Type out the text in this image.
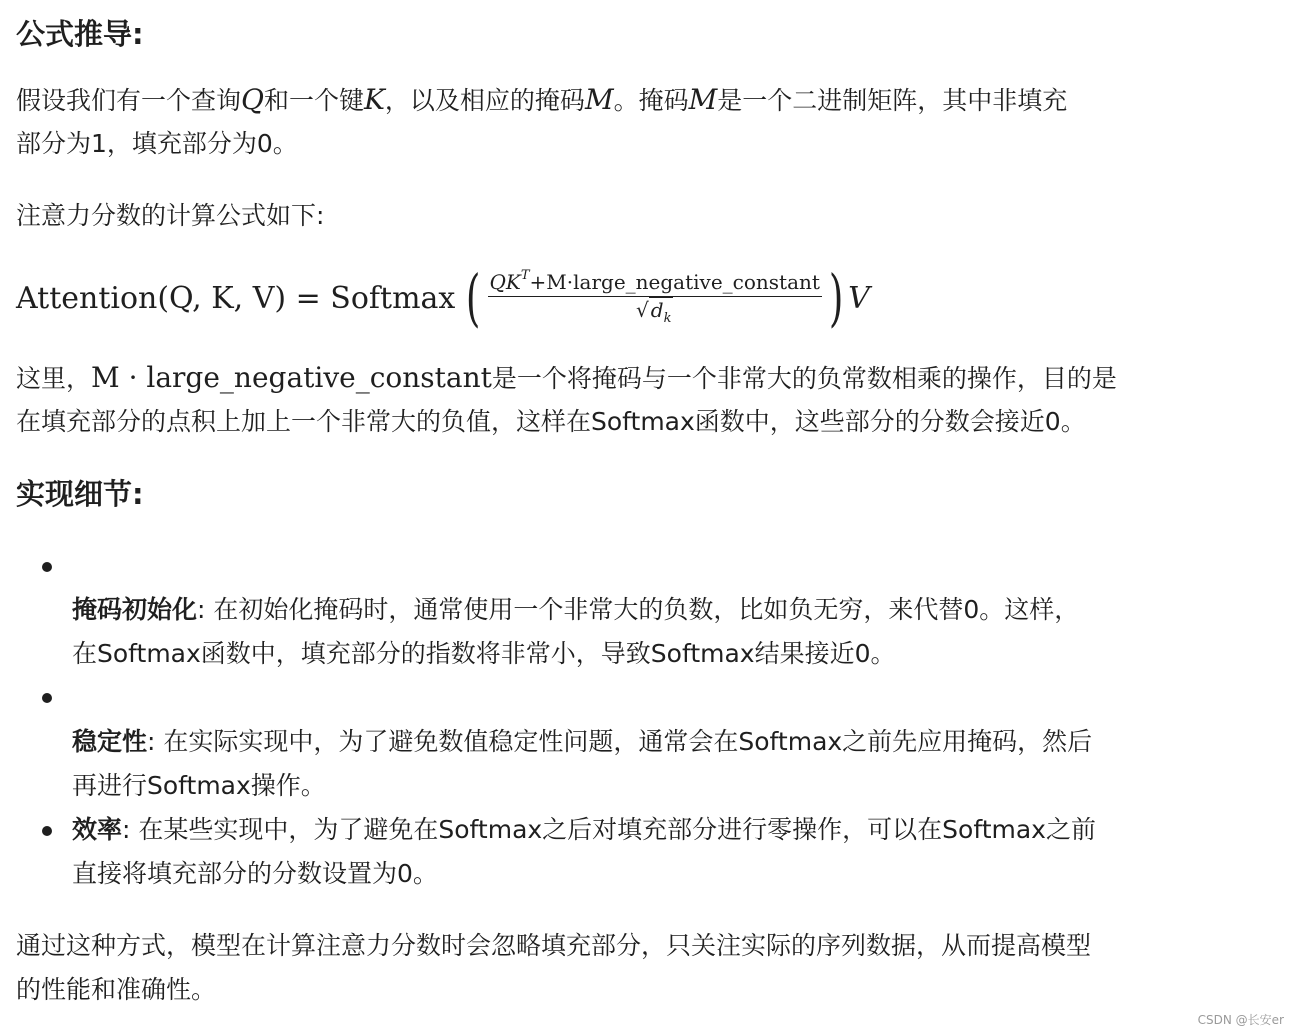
公式推导:
假设我们有一个查询Q和一个键K，以及相应的掩码M。掩码M是一个二进制矩阵，其中非填充
部分为1，填充部分为0。
注意力分数的计算公式如下:
Attention(Q, K, V) = Softmax ( $\frac{QK^T+M\cdot large\_negative\_constant}{√ d_k}$ ) V
这里，M · large_negative_constant是一个将掩码与一个非常大的负常数相乘的操作，目的是
在填充部分的点积上加上一个非常大的负值，这样在Softmax函数中，这些部分的分数会接近0。
实现细节:
掩码初始化: 在初始化掩码时，通常使用一个非常大的负数，比如负无穷，来代替0。这样，
在Softmax函数中，填充部分的指数将非常小，导致Softmax结果接近0。
稳定性: 在实际实现中，为了避免数值稳定性问题，通常会在Softmax之前先应用掩码，然后
再进行Softmax操作。
效率: 在某些实现中，为了避免在Softmax之后对填充部分进行零操作，可以在Softmax之前
直接将填充部分的分数设置为0。
通过这种方式，模型在计算注意力分数时会忽略填充部分，只关注实际的序列数据，从而提高模型
的性能和准确性。
CSDN @长安er
